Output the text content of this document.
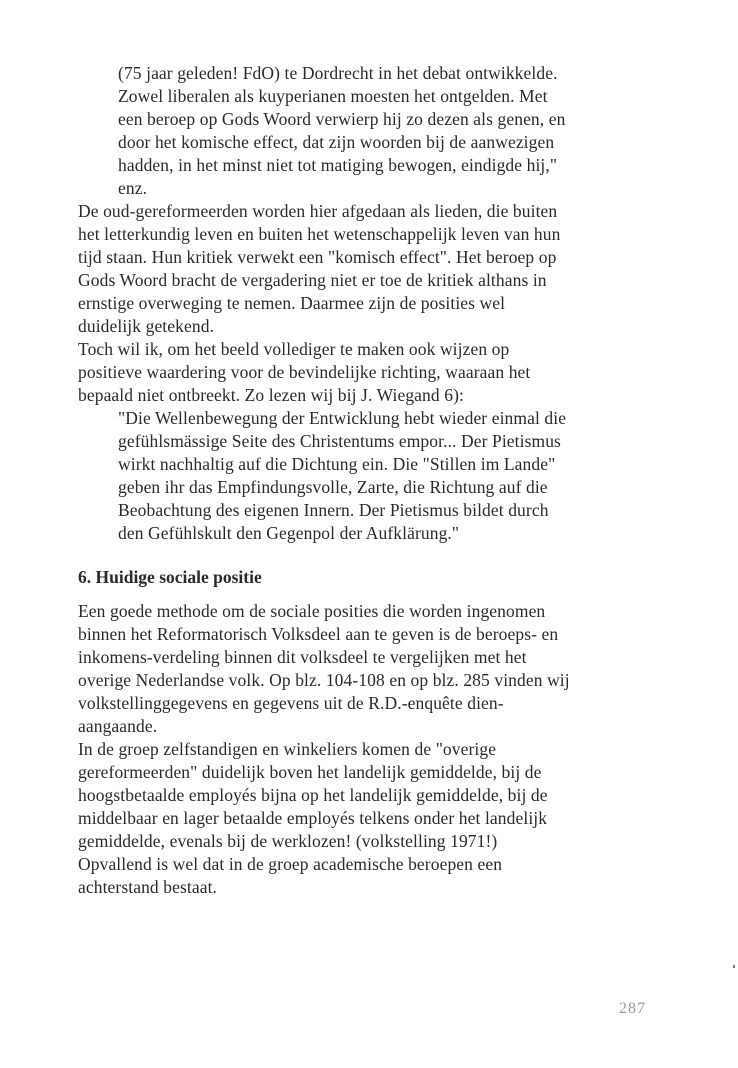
(75 jaar geleden! FdO) te Dordrecht in het debat ontwikkelde.
Zowel liberalen als kuyperianen moesten het ontgelden. Met
een beroep op Gods Woord verwierp hij zo dezen als genen, en
door het komische effect, dat zijn woorden bij de aanwezigen
hadden, in het minst niet tot matiging bewogen, eindigde hij,"
enz.
De oud-gereformeerden worden hier afgedaan als lieden, die buiten
het letterkundig leven en buiten het wetenschappelijk leven van hun
tijd staan. Hun kritiek verwekt een "komisch effect". Het beroep op
Gods Woord bracht de vergadering niet er toe de kritiek althans in
ernstige overweging te nemen. Daarmee zijn de posities wel
duidelijk getekend.
Toch wil ik, om het beeld vollediger te maken ook wijzen op
positieve waardering voor de bevindelijke richting, waaraan het
bepaald niet ontbreekt. Zo lezen wij bij J. Wiegand 6):
"Die Wellenbewegung der Entwicklung hebt wieder einmal die
gefühlsmässige Seite des Christentums empor... Der Pietismus
wirkt nachhaltig auf die Dichtung ein. Die "Stillen im Lande"
geben ihr das Empfindungsvolle, Zarte, die Richtung auf die
Beobachtung des eigenen Innern. Der Pietismus bildet durch
den Gefühlskult den Gegenpol der Aufklärung."
6. Huidige sociale positie
Een goede methode om de sociale posities die worden ingenomen
binnen het Reformatorisch Volksdeel aan te geven is de beroeps- en
inkomens-verdeling binnen dit volksdeel te vergelijken met het
overige Nederlandse volk. Op blz. 104-108 en op blz. 285 vinden wij
volkstellinggegevens en gegevens uit de R.D.-enquête dien-
aangaande.
In de groep zelfstandigen en winkeliers komen de "overige
gereformeerden" duidelijk boven het landelijk gemiddelde, bij de
hoogstbetaalde employés bijna op het landelijk gemiddelde, bij de
middelbaar en lager betaalde employés telkens onder het landelijk
gemiddelde, evenals bij de werklozen! (volkstelling 1971!)
Opvallend is wel dat in de groep academische beroepen een
achterstand bestaat.
287
